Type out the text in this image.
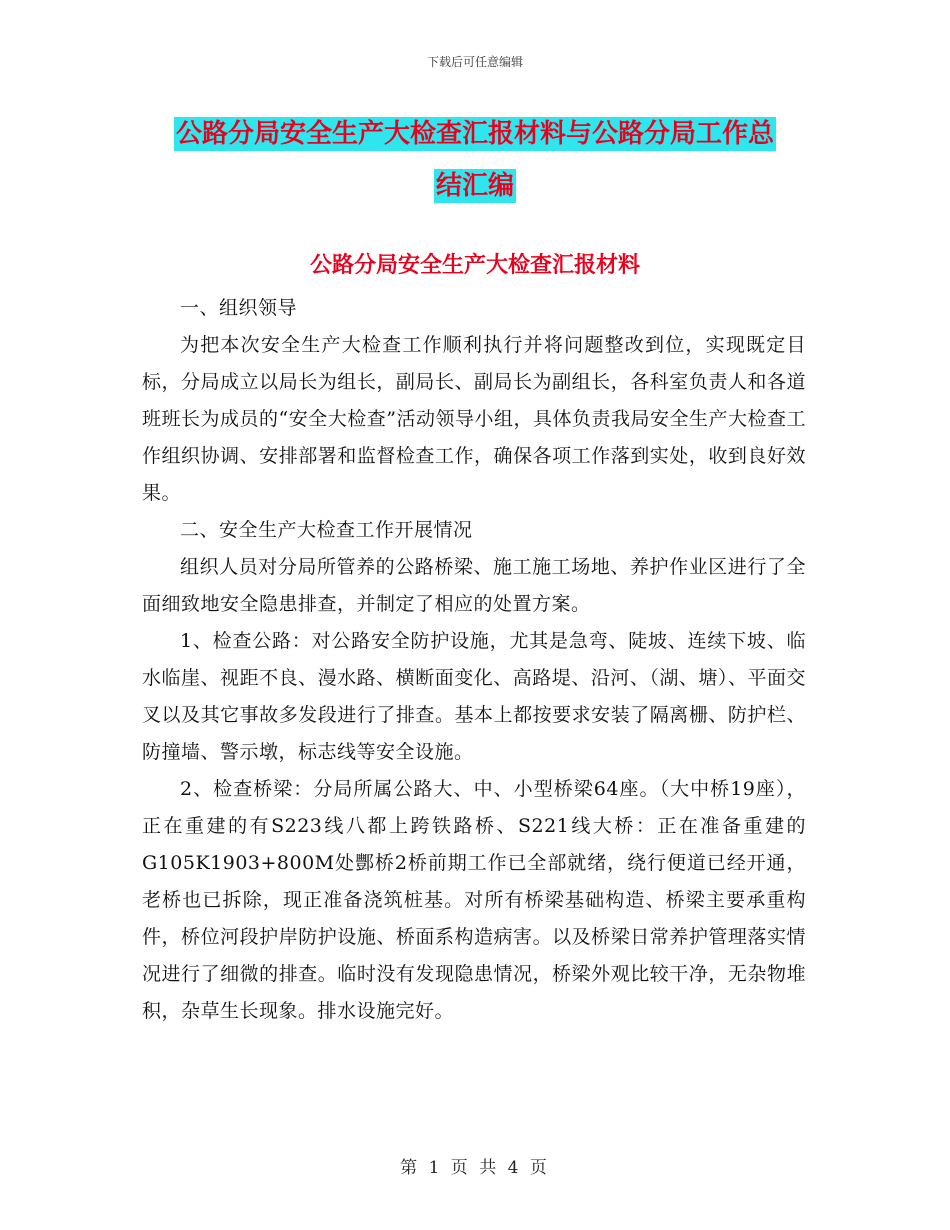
下载后可任意编辑
公路分局安全生产大检查汇报材料与公路分局工作总
结汇编
公路分局安全生产大检查汇报材料

一、组织领导

为把本次安全生产大检查工作顺利执行并将问题整改到位，实现既定目标，分局成立以局长为组长，副局长、副局长为副组长，各科室负责人和各道班班长为成员的“安全大检查”活动领导小组，具体负责我局安全生产大检查工作组织协调、安排部署和监督检查工作，确保各项工作落到实处，收到良好效果。

二、安全生产大检查工作开展情况

组织人员对分局所管养的公路桥梁、施工施工场地、养护作业区进行了全面细致地安全隐患排查，并制定了相应的处置方案。

1、检查公路：对公路安全防护设施，尤其是急弯、陡坡、连续下坡、临水临崖、视距不良、漫水路、横断面变化、高路堤、沿河、（湖、塘）、平面交叉以及其它事故多发段进行了排查。基本上都按要求安装了隔离栅、防护栏、防撞墙、警示墩，标志线等安全设施。

2、检查桥梁：分局所属公路大、中、小型桥梁64座。（大中桥19座），正在重建的有S223线八都上跨铁路桥、S221线大桥：正在准备重建的G105K1903+800M处酆桥2桥前期工作已全部就绪，绕行便道已经开通，老桥也已拆除，现正准备浇筑桩基。对所有桥梁基础构造、桥梁主要承重构件，桥位河段护岸防护设施、桥面系构造病害。以及桥梁日常养护管理落实情况进行了细微的排查。临时没有发现隐患情况，桥梁外观比较干净，无杂物堆积，杂草生长现象。排水设施完好。

第 1 页 共 4 页
